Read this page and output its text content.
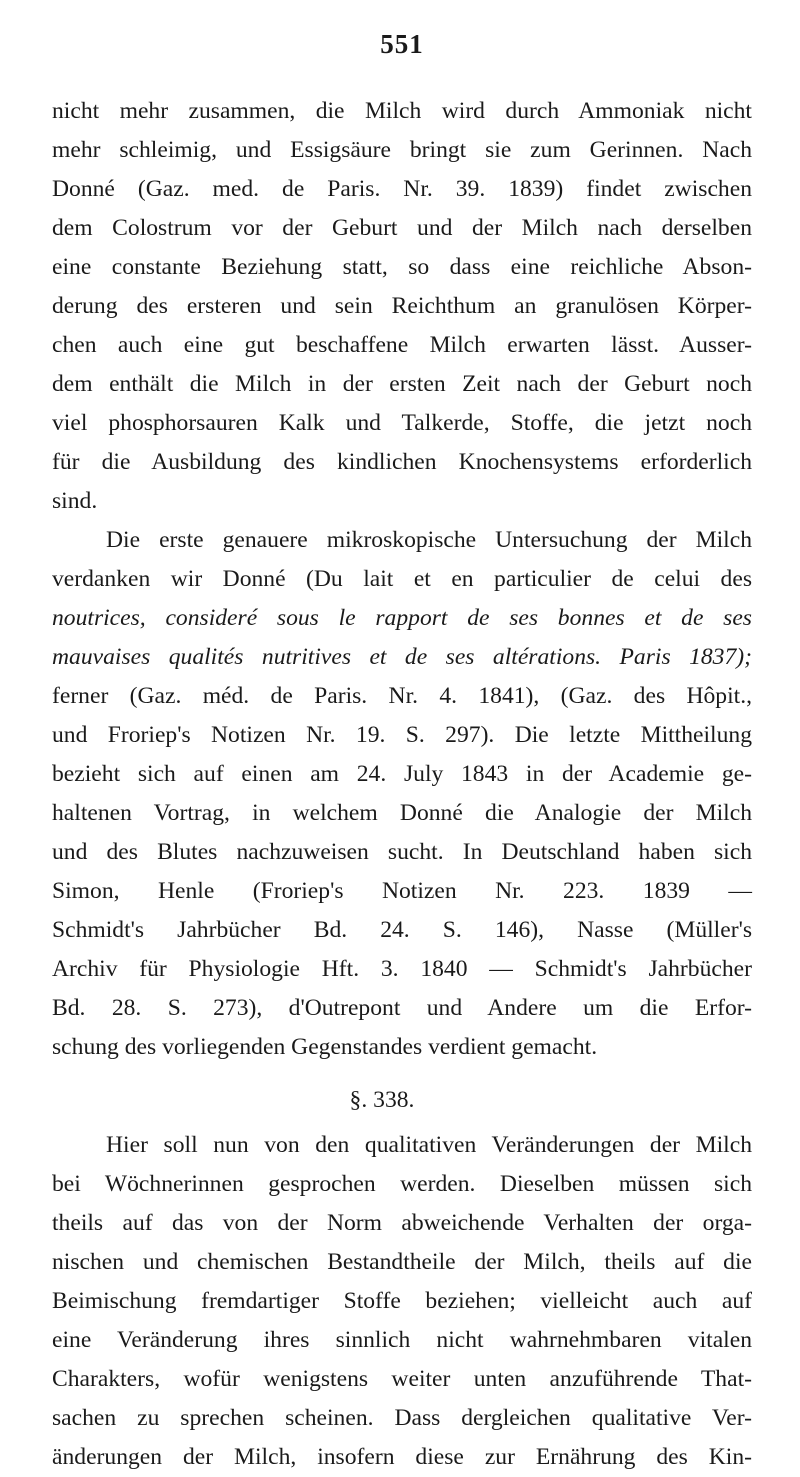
551
nicht mehr zusammen, die Milch wird durch Ammoniak nicht
mehr schleimig, und Essigsäure bringt sie zum Gerinnen. Nach
Donné (Gaz. med. de Paris. Nr. 39. 1839) findet zwischen
dem Colostrum vor der Geburt und der Milch nach derselben
eine constante Beziehung statt, so dass eine reichliche Abson-
derung des ersteren und sein Reichthum an granulösen Körper-
chen auch eine gut beschaffene Milch erwarten lässt. Ausser-
dem enthält die Milch in der ersten Zeit nach der Geburt noch
viel phosphorsauren Kalk und Talkerde, Stoffe, die jetzt noch
für die Ausbildung des kindlichen Knochensystems erforderlich
sind.
Die erste genauere mikroskopische Untersuchung der Milch
verdanken wir Donné (Du lait et en particulier de celui des
noutrices, consideré sous le rapport de ses bonnes et de ses
mauvaises qualités nutritives et de ses altérations. Paris 1837);
ferner (Gaz. méd. de Paris. Nr. 4. 1841), (Gaz. des Hôpit.,
und Froriep's Notizen Nr. 19. S. 297). Die letzte Mittheilung
bezieht sich auf einen am 24. July 1843 in der Academie ge-
haltenen Vortrag, in welchem Donné die Analogie der Milch
und des Blutes nachzuweisen sucht. In Deutschland haben sich
Simon, Henle (Froriep's Notizen Nr. 223. 1839 —
Schmidt's Jahrbücher Bd. 24. S. 146), Nasse (Müller's
Archiv für Physiologie Hft. 3. 1840 — Schmidt's Jahrbücher
Bd. 28. S. 273), d'Outrepont und Andere um die Erfor-
schung des vorliegenden Gegenstandes verdient gemacht.
§. 338.
Hier soll nun von den qualitativen Veränderungen der Milch
bei Wöchnerinnen gesprochen werden. Dieselben müssen sich
theils auf das von der Norm abweichende Verhalten der orga-
nischen und chemischen Bestandtheile der Milch, theils auf die
Beimischung fremdartiger Stoffe beziehen; vielleicht auch auf
eine Veränderung ihres sinnlich nicht wahrnehmbaren vitalen
Charakters, wofür wenigstens weiter unten anzuführende That-
sachen zu sprechen scheinen. Dass dergleichen qualitative Ver-
änderungen der Milch, insofern diese zur Ernährung des Kin-
